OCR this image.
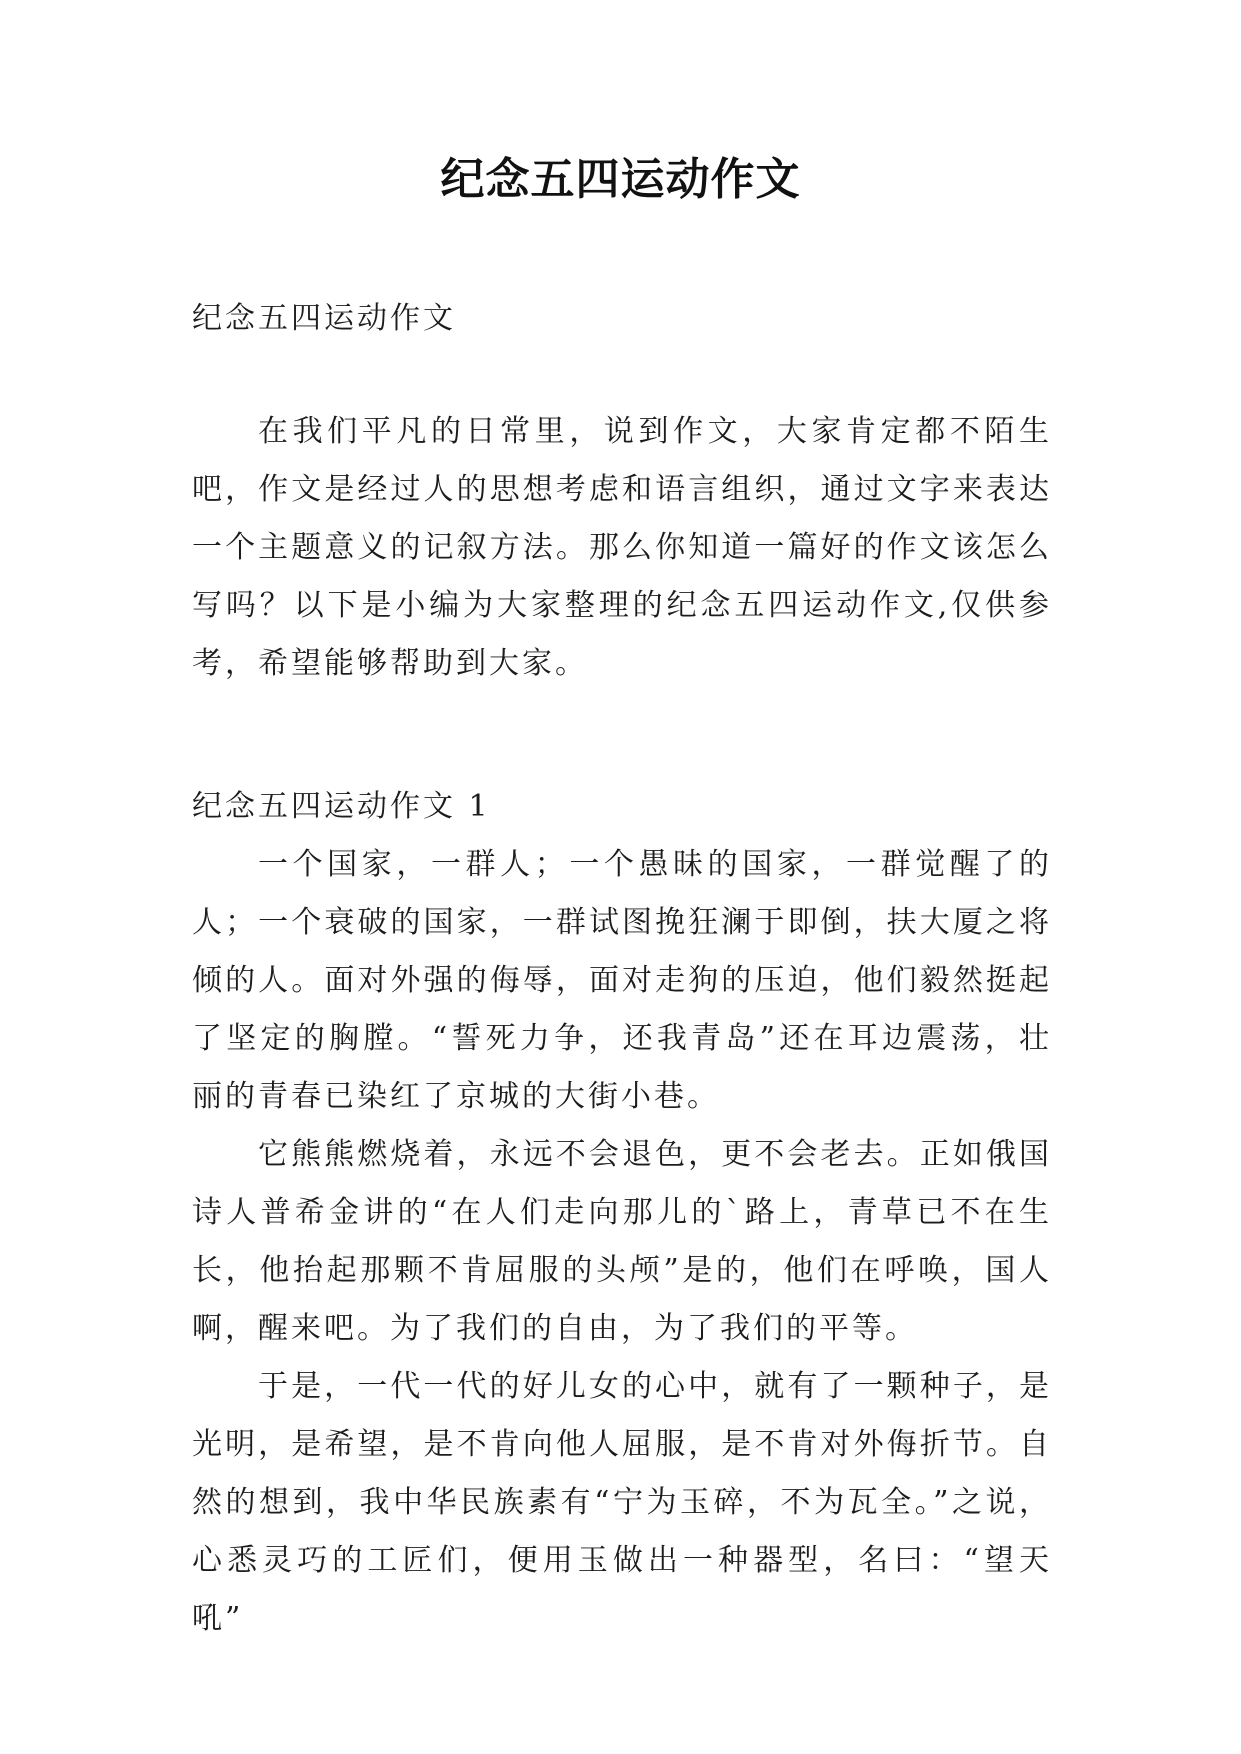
纪念五四运动作文
纪念五四运动作文
在我们平凡的日常里，说到作文，大家肯定都不陌生吧，作文是经过人的思想考虑和语言组织，通过文字来表达一个主题意义的记叙方法。那么你知道一篇好的作文该怎么写吗？以下是小编为大家整理的纪念五四运动作文,仅供参考，希望能够帮助到大家。
纪念五四运动作文 1

一个国家，一群人；一个愚昧的国家，一群觉醒了的人；一个衰破的国家，一群试图挽狂澜于即倒，扶大厦之将倾的人。面对外强的侮辱，面对走狗的压迫，他们毅然挺起了坚定的胸膛。“誓死力争，还我青岛”还在耳边震荡，壮丽的青春已染红了京城的大街小巷。

它熊熊燃烧着，永远不会退色，更不会老去。正如俄国诗人普希金讲的“在人们走向那儿的`路上，青草已不在生长，他抬起那颗不肯屈服的头颅”是的，他们在呼唤，国人啊，醒来吧。为了我们的自由，为了我们的平等。

于是，一代一代的好儿女的心中，就有了一颗种子，是光明，是希望，是不肯向他人屈服，是不肯对外侮折节。自然的想到，我中华民族素有“宁为玉碎，不为瓦全。”之说，心悉灵巧的工匠们，便用玉做出一种器型，名曰：“望天吼”
